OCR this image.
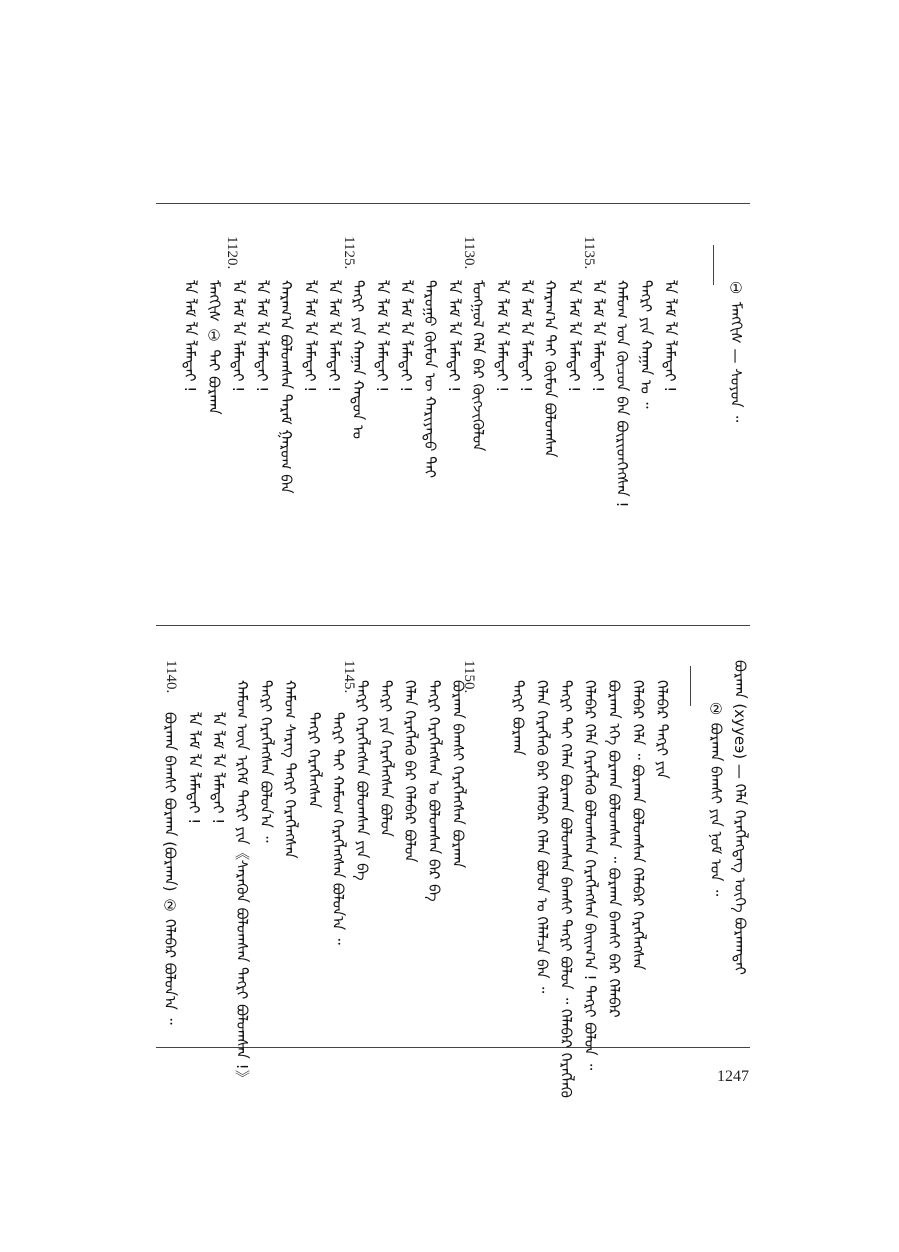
① ᠮᠠᠩᠭᠢᠰ — ᠰᠤᠶᠤᠨ ᠃
1120.	1125.	1130.	1135.
ᠯᠠ ᠯᠠᠮ ᠯᠠ ᠯᠠᠮᠠᠲᠠᠢ ! ᠮᠠᠩᠭᠢᠰ ① ᠲᠠᠶ ᠪᠤᠷᠬᠠᠨ ᠯᠠ ᠯᠠᠮ ᠯᠠ ᠯᠠᠮᠠᠲᠠᠢ ! ᠯᠠ ᠯᠠᠮ ᠯᠠ ᠯᠠᠮᠠᠲᠠᠢ ! ᠬᠠᠷᠠᠭ᠎ᠠ ᠪᠤᠯᠤᠭᠰᠠᠨ ᠲᠠᠷᠠᠮ ᠭᠠᠷᠤᠭ ᠪᠠᠨ ᠯᠠ ᠯᠠᠮ ᠯᠠ ᠯᠠᠮᠠᠲᠠᠢ ! ᠯᠠ ᠯᠠᠮ ᠯᠠ ᠯᠠᠮᠠᠲᠠᠢ ! ᠲᠡᠭᠷᠢ ᠶᠢᠨ ᠬᠠᠭᠠᠨ ᠬᠠᠲᠤᠨ ᠤ ᠯᠠ ᠯᠠᠮ ᠯᠠ ᠯᠠᠮᠠᠲᠠᠢ ! ᠯᠠ ᠯᠠᠮ ᠯᠠ ᠯᠠᠮᠠᠲᠠᠢ ! ᠲᠠᠷᠤᠭᠤ ᠬᠥᠮᠦᠨ ᠦ ᠬᠠᠷᠢᠶᠠᠲᠤ ᠲᠠᠢ ᠯᠠ ᠯᠠᠮ ᠯᠠ ᠯᠠᠮᠠᠲᠠᠢ ! ᠮᠣᠩᠭᠣᠯ ᠬᠡᠯᠡ ᠪᠡᠷ ᠬᠥᠭᠵᠢᠭᠦᠯᠦᠨ ᠯᠠ ᠯᠠᠮ ᠯᠠ ᠯᠠᠮᠠᠲᠠᠢ ! ᠯᠠ ᠯᠠᠮ ᠯᠠ ᠯᠠᠮᠠᠲᠠᠢ ! ᠬᠠᠷᠠᠭ᠎ᠠ ᠲᠠᠢ ᠬᠦᠮᠦᠨ ᠪᠤᠯᠤᠭᠰᠠᠨ ᠯᠠ ᠯᠠᠮ ᠯᠠ ᠯᠠᠮᠠᠲᠠᠢ ! ᠯᠠ ᠯᠠᠮ ᠯᠠ ᠯᠠᠮᠠᠲᠠᠢ ! ᠬᠠᠮᠤᠭ ᠤᠨ ᠬᠦᠴᠦᠨ ᠪᠡᠨ ᠪᠦᠷᠢᠳᠬᠡᠭᠰᠡᠨ ! ᠲᠡᠭᠷᠢ ᠶᠢᠨ ᠬᠠᠭᠠᠨ ᠤ ᠃ ᠯᠠ ᠯᠠᠮ ᠯᠠ ᠯᠠᠮᠠᠲᠠᠢ !
② ᠪᠤᠷᠬᠠᠨ ᠪᠠᠭᠰᠢ ᠶᠢᠨ ᠨᠣᠮ ᠤᠨ ᠃ ᠪᠤᠷᠬᠠᠨ (xyyeэ) — ᠬᠡᠯᠡ ᠬᠡᠷᠡᠭᠯᠡᠭᠳᠡᠭ ᠦᠭᠡ ᠪᠤᠷᠬᠠᠨᠲᠠᠢ
1140.	1145.	1150.
ᠪᠤᠷᠬᠠᠨ ᠪᠠᠭᠰᠢ ᠪᠤᠷᠬᠠᠨ (ᠪᠤᠷᠬᠠᠨ) ② ᠬᠡᠯᠡᠪᠡᠷ ᠪᠤᠯᠤᠨ᠎ᠠ ᠃ ᠯᠠ ᠯᠠᠮ ᠯᠠ ᠯᠠᠮᠠᠲᠠᠢ ! ᠯᠠ ᠯᠠᠮ ᠯᠠ ᠯᠠᠮᠠᠲᠠᠢ ! ᠬᠠᠮᠤᠭ ᠦᠨ ᠡᠷᠬᠡᠮ ᠲᠡᠭᠷᠢ ᠶᠢᠨ《ᠰᠡᠷᠡᠭᠦᠨ ᠪᠤᠯᠤᠭᠰᠠᠨ ᠲᠡᠭᠷᠢ ᠪᠤᠯᠤᠭᠰᠠᠨ !》 ᠲᠡᠭᠷᠢ ᠬᠡᠷᠡᠭᠯᠡᠭᠰᠡᠨ ᠪᠤᠯᠤᠨ᠎ᠠ ᠃ ᠬᠠᠮᠤᠭ ᠰᠡᠷᠡᠭ ᠲᠡᠭᠷᠢ ᠬᠡᠷᠡᠭᠯᠡᠭᠰᠡᠨ ᠲᠡᠭᠷᠢ ᠬᠡᠷᠡᠭᠯᠡᠭᠰᠡᠨ ᠲᠡᠭᠷᠢ ᠲᠠᠢ ᠬᠠᠮᠤᠭ ᠬᠡᠷᠡᠭᠯᠡᠭᠰᠡᠨ ᠪᠤᠯᠤᠨ᠎ᠠ ᠃ ᠲᠡᠭᠷᠢ ᠬᠡᠷᠡᠭᠯᠡᠭᠰᠡᠨ ᠪᠣᠯᠤᠭᠰᠠᠨ ᠶᠢᠨ ᠪᠠ ᠲᠡᠭᠷᠢ ᠶᠢᠨ ᠬᠡᠷᠡᠭᠯᠡᠭᠰᠡᠨ ᠪᠤᠯᠤᠨ ᠬᠡᠯᠡᠨ ᠬᠡᠷᠡᠭᠯᠡᠬᠦ ᠪᠡᠷ ᠬᠡᠯᠡᠪᠡᠷ ᠪᠤᠯᠤᠨ ᠲᠡᠭᠷᠢ ᠬᠡᠷᠡᠭᠯᠡᠭᠰᠡᠨ ᠤ ᠪᠤᠯᠤᠭᠰᠠᠨ ᠪᠡᠷ ᠪᠠ ᠪᠤᠷᠬᠠᠨ ᠪᠠᠭᠰᠢ ᠬᠡᠷᠡᠭᠯᠡᠭᠰᠡᠨ ᠪᠤᠷᠬᠠᠨ	ᠲᠡᠭᠷᠢ ᠪᠤᠷᠬᠠᠨ ᠬᠡᠯᠡᠨ ᠬᠡᠷᠡᠭᠯᠡᠬᠦ ᠪᠡᠷ ᠬᠡᠯᠡᠪᠡᠷ ᠬᠡᠯᠡᠨ ᠪᠤᠯᠤᠨ ᠤ ᠬᠡᠯᠡᠯᠴᠡ ᠪᠡᠨ ᠃ ᠲᠡᠭᠷᠢ ᠲᠠᠢ ᠬᠡᠯᠡᠨ ᠪᠤᠷᠬᠠᠨ ᠪᠤᠯᠤᠭᠰᠠᠨ ᠪᠠᠭᠰᠢ ᠲᠡᠭᠷᠢ ᠪᠤᠯᠤᠨ ᠃ ᠬᠡᠯᠡᠪᠡᠷ ᠬᠡᠷᠡᠭᠯᠡᠬᠦ ᠬᠡᠯᠡᠪᠡᠷ ᠬᠡᠯᠡ ᠬᠡᠷᠡᠭᠯᠡᠬᠦ ᠪᠤᠯᠤᠭᠰᠠᠨ ᠬᠡᠷᠡᠭᠯᠡᠭᠰᠡᠨ ᠪᠠᠢᠭ᠎ᠠ ! ᠲᠡᠭᠷᠢ ᠪᠤᠯᠤᠨ ᠃ ᠪᠤᠷᠬᠠᠨ ᠡᠭᠡ ᠪᠤᠷᠬᠠᠨ ᠪᠤᠯᠤᠭᠰᠠᠨ ᠃ ᠪᠤᠷᠬᠠᠨ ᠪᠠᠭᠰᠢ ᠪᠡᠷ ᠬᠡᠯᠡᠪᠡᠷ ᠬᠡᠯᠡᠪᠡᠷ ᠬᠡᠯᠡ ᠃ ᠪᠤᠷᠬᠠᠨ ᠪᠤᠯᠤᠭᠰᠠᠨ ᠬᠡᠯᠡᠪᠡᠷ ᠬᠡᠷᠡᠭᠯᠡᠭᠰᠡᠨ ᠬᠡᠯᠡᠪᠡᠷ ᠲᠡᠭᠷᠢ ᠶᠢᠨ
1247
